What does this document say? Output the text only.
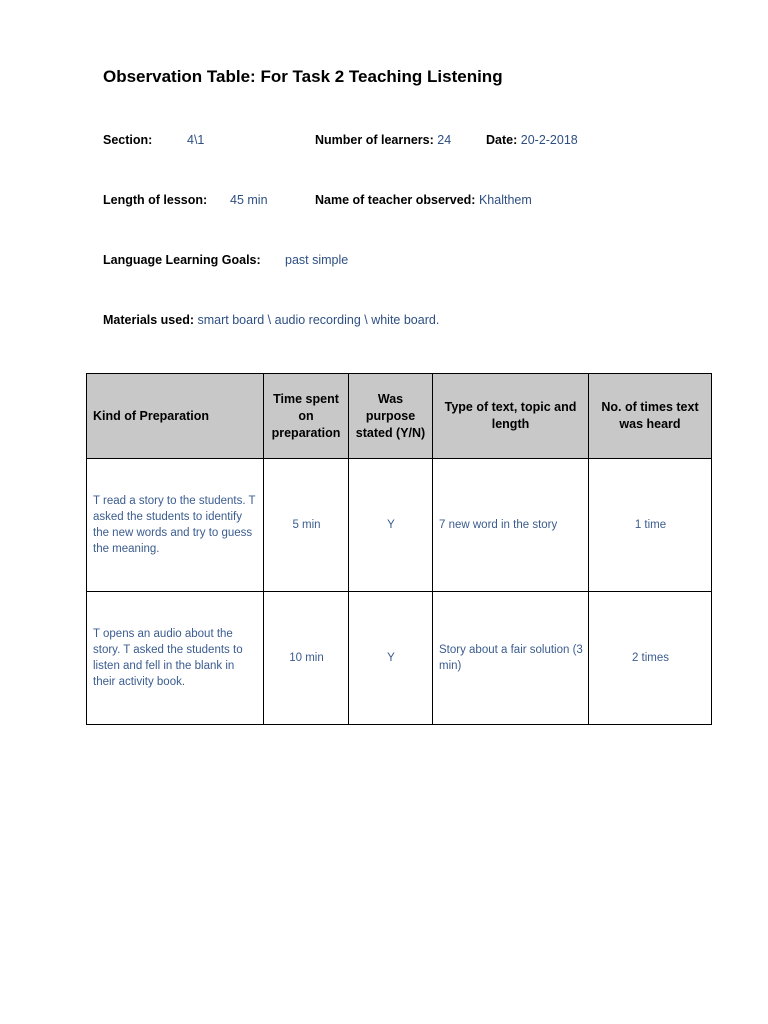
Observation Table: For Task 2 Teaching Listening
Section:	4\1	Number of learners: 24	Date: 20-2-2018
Length of lesson: 45 min	Name of teacher observed: Khalthem
Language Learning Goals: past simple
Materials used: smart board \ audio recording \ white board.
Kind of Preparation	Time spent on preparation	Was purpose stated (Y/N)	Type of text, topic and length	No. of times text was heard
T read a story to the students. T asked the students to identify the new words and try to guess the meaning.	5 min	Y	7 new word in the story	1 time
T opens an audio about the story. T asked the students to listen and fell in the blank in their activity book.	10 min	Y	Story about a fair solution (3 min)	2 times
